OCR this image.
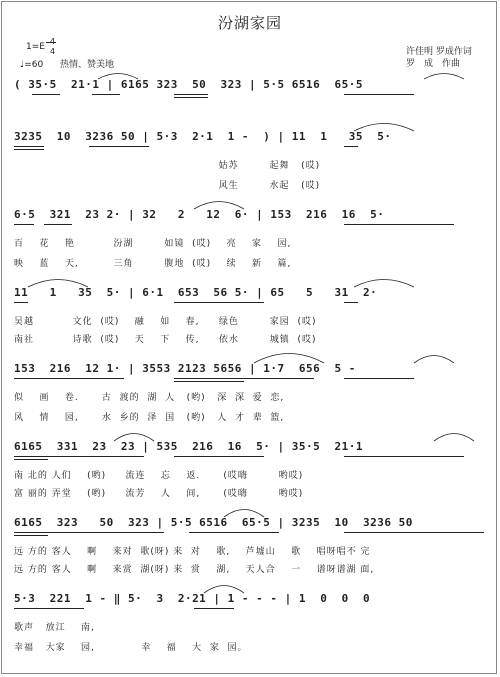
汾湖家园
许佳明 罗成作词
罗　成　作曲
1=E 4
♩=60 热情、赞美地
( 35·5  21·1 | 6165 323  50  323 | 5·5 6516  65·5
3235  10  3236 50 | 5·3  2·1  1 -  ) | 11  1   35  5·
姑苏        起舞   (哎)
风生        水起   (哎)
6·5  321  23 2· | 32   2   12  6· | 153  216  16  5·
百    花    艳          汾湖        如镜  (哎)    亮    家    园,
映    蓝    天,         三角        腹地  (哎)    续    新    篇,
11   1   35  5· | 6·1  653  56 5· | 65   5   31  2·
吴越          文化  (哎)    融    如    春,     绿色        家园  (哎)
南社          诗歌  (哎)    天    下    传,     依水        城镇  (哎)
153  216  12 1· | 3553 2123 5656 | 1·7  656  5 -
似    画    卷.      古  渡的  湖  人   (哟)   深  深  爱  恋,
风    情    园,      水  乡的  泽  国   (哟)   人  才  辈  篮,
6165  331  23  23 | 535  216  16  5· | 35·5  21·1
南 北的 人们    (哟)     流连    忘    返.      (哎嗨        哟哎)
富 丽的 弄堂    (哟)     流芳    人    间,      (哎嗨        哟哎)
6165  323   50  323 | 5·5 6516  65·5 | 3235  10  3236 50
远 方的 客人    啊    来对  歌(呀) 来  对    歌,    芦墟山    歌    唱呀唱不 完
远 方的 客人    啊    来赏  湖(呀) 来  赏    湖,    天人合    一    谱呀谱湖 面,
5·3  221  1 - ‖ 5·  3  2·21 | 1 - - - | 1  0  0  0
歌声   放江    南,
幸福   大家    园,            幸    福    大  家  园。
